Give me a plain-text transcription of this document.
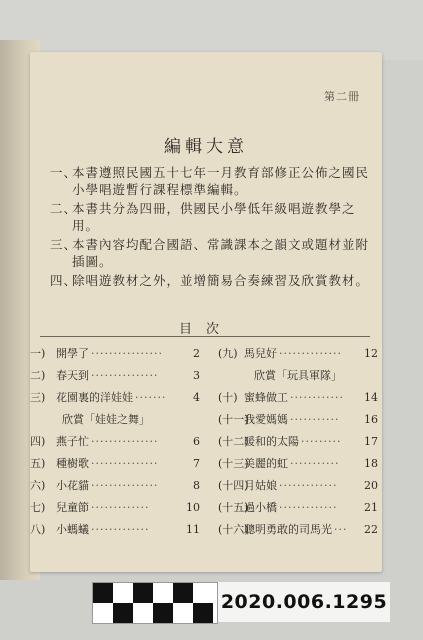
第二冊
編輯大意
一、
本書遵照民國五十七年一月教育部修正公佈之國民小學唱遊暫行課程標準編輯。
二、
本書共分為四冊，供國民小學低年級唱遊教學之用。
三、
本書內容均配合國語、常識課本之韻文或題材並附插圖。
四、
除唱遊教材之外，並增簡易合奏練習及欣賞教材。
目次
一) 開學了 ················	2
二) 春天到 ···············	3
三) 花園裏的洋娃娃 ·······	4
欣賞「娃娃之舞」
四) 燕子忙 ···············	6
五) 種樹歌 ···············	7
六) 小花貓 ···············	8
七) 兒童節 ·············	10
八) 小螞蟻 ·············	11
(九) 馬兒好 ··············	12
欣賞「玩具軍隊」
(十) 蜜蜂做工 ············	14
(十一)
我愛媽媽 ···········	16
(十二)
暖和的太陽 ·········	17
(十三)
美麗的虹 ···········	18
(十四)
月姑娘 ·············	20
(十五)
過小橋 ·············	21
(十六)
聰明勇敢的司馬光 ···	22
2020.006.1295
